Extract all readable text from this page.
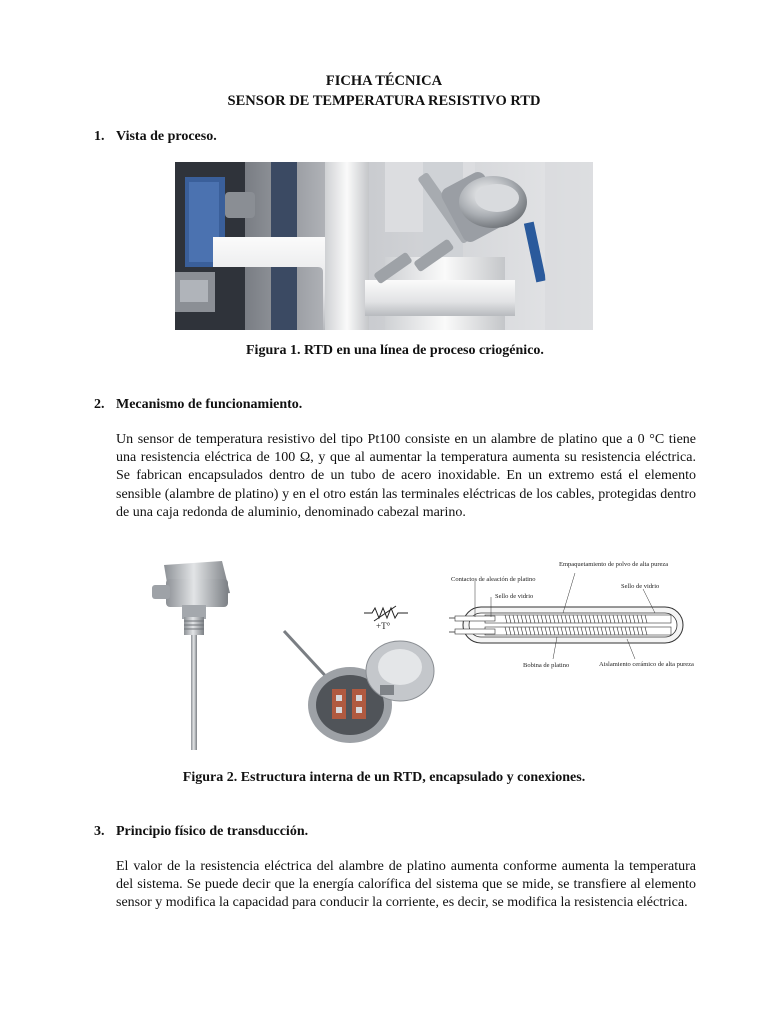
FICHA TÉCNICA
SENSOR DE TEMPERATURA RESISTIVO RTD
1. Vista de proceso.
Figura 1. RTD en una línea de proceso criogénico.
2. Mecanismo de funcionamiento.
Un sensor de temperatura resistivo del tipo Pt100 consiste en un alambre de platino que a 0 °C tiene una resistencia eléctrica de 100 Ω, y que al aumentar la temperatura aumenta su resistencia eléctrica. Se fabrican encapsulados dentro de un tubo de acero inoxidable. En un extremo está el elemento sensible (alambre de platino) y en el otro están las terminales eléctricas de los cables, protegidas dentro de una caja redonda de aluminio, denominado cabezal marino.
+T°
Empaquetamiento de polvo de alta pureza
Contactos de aleación de platino
Sello de vidrio
Sello de vidrio
Bobina de platino	Aislamiento cerámico de alta pureza
Figura 2. Estructura interna de un RTD, encapsulado y conexiones.
3. Principio físico de transducción.
El valor de la resistencia eléctrica del alambre de platino aumenta conforme aumenta la temperatura del sistema. Se puede decir que la energía calorífica del sistema que se mide, se transfiere al elemento sensor y modifica la capacidad para conducir la corriente, es decir, se modifica la resistencia eléctrica.
